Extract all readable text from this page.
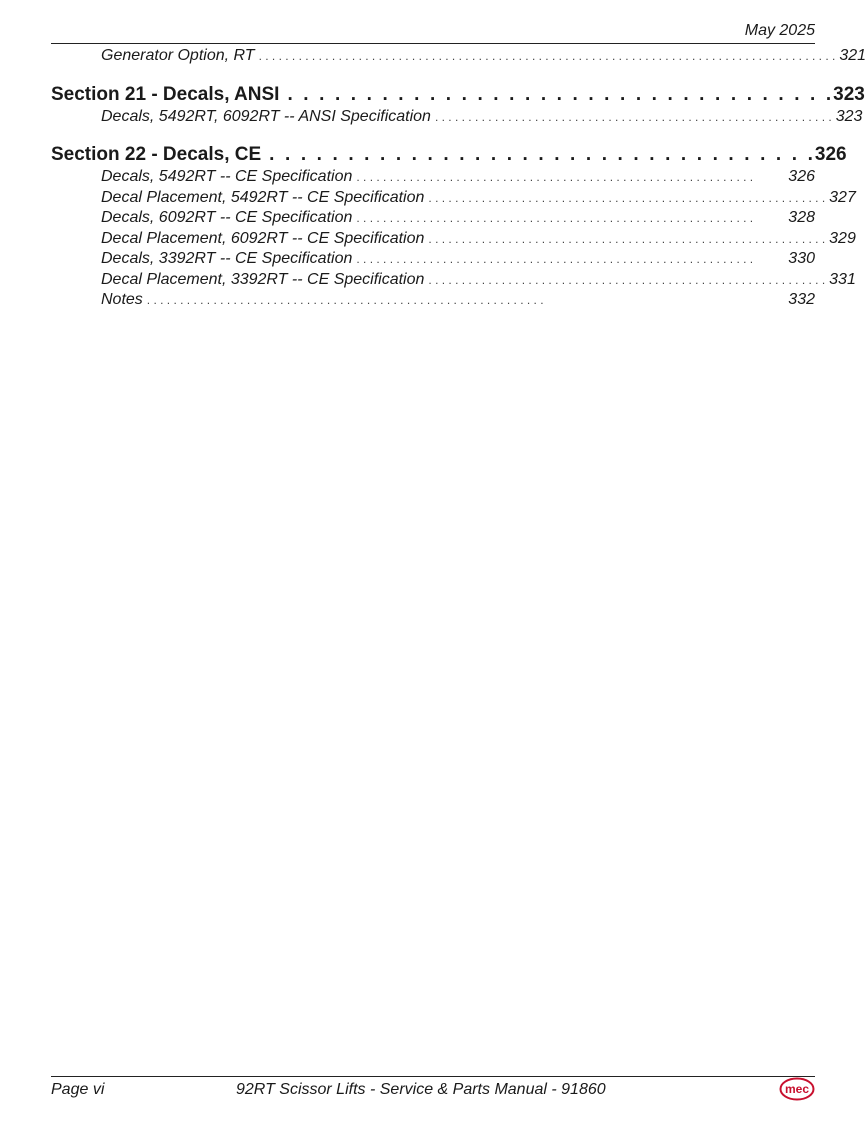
May 2025
Generator Option, RT . . . . . . . . . . . . . . . . . . . . . . . . . . . . . . . . . . . . . . . . . . . . . . . . . . . . . . . . . . . . . . . . . . . . . . . . . . . . . . . . . . . . . . . 321
Section 21 - Decals, ANSI .  .  .  .  .  .  .  .  .  .  .  .  .  .  .  .  .  .  .  .  .  .  .  .  .  .  .  .  .  .  .  .  .  .  . 323
Decals, 5492RT, 6092RT -- ANSI Specification . . . . . . . . . . . . . . . . . . . . . . . . . . . . . . . . . . . . . . . . . . . . . . . . . . . . . . . . . . . . 323
Section 22 - Decals, CE .  .  .  .  .  .  .  .  .  .  .  .  .  .  .  .  .  .  .  .  .  .  .  .  .  .  .  .  .  .  .  .  .  .  . 326
Decals, 5492RT -- CE Specification . . . . . . . . . . . . . . . . . . . . . . . . . . . . . . . . . . . . . . . . . . . . . . . . . . . . . . . . . . . .	326
Decal Placement, 5492RT -- CE Specification . . . . . . . . . . . . . . . . . . . . . . . . . . . . . . . . . . . . . . . . . . . . . . . . . . . . . . . . . . . . 327
Decals, 6092RT -- CE Specification . . . . . . . . . . . . . . . . . . . . . . . . . . . . . . . . . . . . . . . . . . . . . . . . . . . . . . . . . . . .	328
Decal Placement, 6092RT -- CE Specification . . . . . . . . . . . . . . . . . . . . . . . . . . . . . . . . . . . . . . . . . . . . . . . . . . . . . . . . . . . . 329
Decals, 3392RT -- CE Specification . . . . . . . . . . . . . . . . . . . . . . . . . . . . . . . . . . . . . . . . . . . . . . . . . . . . . . . . . . . .	330
Decal Placement, 3392RT -- CE Specification . . . . . . . . . . . . . . . . . . . . . . . . . . . . . . . . . . . . . . . . . . . . . . . . . . . . . . . . . . . . 331
Notes . . . . . . . . . . . . . . . . . . . . . . . . . . . . . . . . . . . . . . . . . . . . . . . . . . . . . . . . . . . .	332
Page vi	92RT Scissor Lifts - Service & Parts Manual - 91860	mec
